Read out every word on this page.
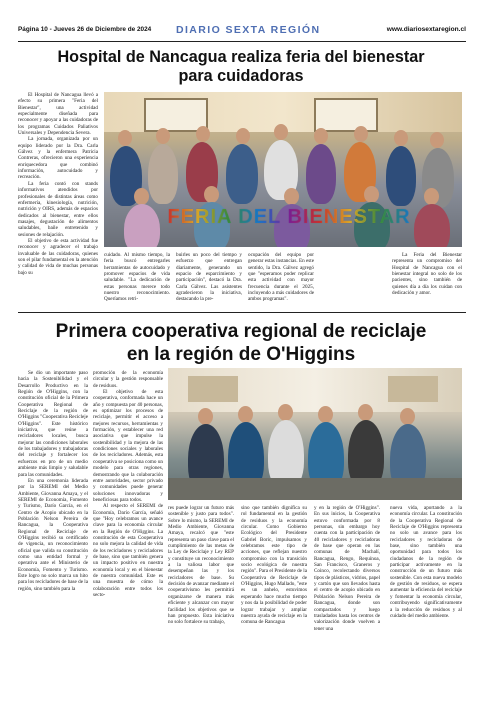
Página 10 - Jueves 26 de Diciembre de 2024 DIARIO SEXTA REGIÓN	www.diariosextaregion.cl
Hospital de Nancagua realiza feria del bienestar
para cuidadoras

El Hospital de Nancagua llevó a efecto su primera "Feria del Bienestar", una actividad especialmente diseñada para reconocer y apoyar a las cuidadoras de los programas Cuidados Paliativos Universales y Dependencia Severa.

La jornada, organizada por un equipo liderado por la Dra. Carla Gálvez y la enfermera Patricia Contreras, ofrecieron una experiencia enriquecedora que combinó información, autocuidado y recreación.

La feria contó con stands informativos atendidos por profesionales de distintas áreas como enfermería, kinesiología, nutrición, nutrición y OIRS, además de espacios dedicados al bienestar, entre ellos masajes, degustación de alimentos saludables, baile entretenido y sesiones de relajación.

El objetivo de esta actividad fue reconocer y agradecer el trabajo invaluable de las cuidadoras, quienes son el pilar fundamental en la atención y calidad de vida de muchas personas bajo su

FERIA DEL BIENESTAR

cuidado. Al mismo tiempo, la feria buscó entregarles herramientas de autocuidado y promover espacios de vida saludable. "La dedicación de estas personas merece todo nuestro reconocimiento. Queríamos retri-

buirles un poco del tiempo y esfuerzo que entregan diariamente, generando un espacio de esparcimiento y participación", destacó la Dra. Carla Gálvez. Las asistentes agradecieron la iniciativa, destacando la pre-

ocupación del equipo por generar estas instancias. En este sentido, la Dra. Gálvez agregó que "esperamos poder replicar esta actividad con mayor frecuencia durante el 2025, incluyendo a más cuidadores de ambos programas".

La Feria del Bienestar representa un compromiso del Hospital de Nancagua con el bienestar integral no solo de los pacientes, sino también de quienes día a día los cuidan con dedicación y amor.

Primera cooperativa regional de reciclaje
en la región de O'Higgins

Se dio un importante paso hacia la Sostenibilidad y el Desarrollo Productivo en la Región de O'Higgins, con la constitución oficial de la Primera Cooperativa Regional de Reciclaje de la región de O'Higgins "Cooperativa Recicleje O'Higgins". Este histórico iniciativa, que reúne a recicladores locales, busca mejorar las condiciones laborales de los trabajadores y trabajadoras del reciclaje y fortalecer los esfuerzos en pro de un medio ambiente más limpio y saludable para las comunidades.

En una ceremonia liderada por la SEREMI del Medio Ambiente, Giovanna Amaya, y el SEREMI de Economía, Fomento y Turismo, Darío García, en el Centro de Acopio ubicado en la Población Nelson Pereira de Rancagua, la Cooperativa Regional de Reciclaje de O'Higgins recibió su certificado de vigencia, un reconocimiento oficial que valida su constitución como una entidad formal y operativa ante el Ministerio de Economía, Fomento y Turismo. Este logro no solo marca un hito para los recicladores de base de la región, sino también para la

promoción de la economía circular y la gestión responsable de residuos.

El objetivo de esta cooperativa, conformada hace un año y compuesta por 40 personas, es optimizar los procesos de reciclaje, permitir el acceso a mejores recursos, herramientas y formación, y establecer una red asociativa que impulse la sostenibilidad y la mejora de las condiciones sociales y laborales de los recicladores. Además, esta cooperativa se posiciona como un modelo para otras regiones, demostrando que la colaboración entre autoridades, sector privado y comunidades puede generar soluciones innovadoras y beneficiosas para todos.

Al respecto el SEREMI de Economía, Darío García, señaló que "Hoy celebramos un avance clave para la economía circular en la Región de O'Higgins. La constitución de esta Cooperativa no solo mejora la calidad de vida de los recicladores y recicladores de base, sino que también genera un impacto positivo en nuestra economía local y en el bienestar de nuestra comunidad. Este es una muestra de cómo la colaboración entre todos los secto-

res puede lograr un futuro más sostenible y justo para todos". Sobre lo mismo, la SEREMI de Medio Ambiente, Giovanna Amaya, recalcó que "este representa un paso clave para el cumplimiento de las metas de la Ley de Reciclaje y Ley REP y constituye un reconocimiento a la valiosa labor que desempeñan las y los recicladores de base. Su decisión de avanzar mediante el cooperativismo les permitirá organizarse de manera más eficiente y alcanzar con mayor facilidad los objetivos que se han propuesto. Esta iniciativa no solo fortalece su trabajo,

sino que también dignifica su rol fundamental en la gestión de residuos y la economía circular. Como Gobierno Ecológico del Presidente Gabriel Boric, impulsamos y celebramos este tipo de acciones, que reflejan nuestro compromiso con la transición socio ecológica de nuestra región". Para el Presidente de la Cooperativa de Reciclaje de O'Higgins, Hugo Mallado, "este es un anhelo, estuvimos esperando hace mucho tiempo y nos da la posibilidad de poder lograr trabajar y ampliar nuestra ayuda de reciclaje en la comuna de Rancagua

y en la región de O'Higgins". En sus inicios, la Cooperativa estuvo conformada por 8 personas, sin embargo hoy cuenta con la participación de 40 recicladores y recicladoras de base que operan en las comunas de Machalí, Rancagua, Rengo, Requínoa, San Francisco, Graneros y Coinco, recolectando diversos tipos de plásticos, vidrios, papel y cartón que son llevados hasta el centro de acopio ubicado en Población Nelson Pereira de Rancagua, donde son compactados y luego trasladados hasta los centros de valorización donde vuelven a tener una

nueva vida, aportando a la economía circular. La constitución de la Cooperativa Regional de Reciclaje de O'Higgins representa no solo un avance para los recicladores y recicladoras de base, sino también una oportunidad para todos los ciudadanos de la región de participar activamente en la construcción de un futuro más sostenible. Con esta nueva modelo de gestión de residuos, se espera aumentar la eficiencia del reciclaje y fomentar la economía circular, contribuyendo significativamente a la reducción de residuos y al cuidado del medio ambiente.
